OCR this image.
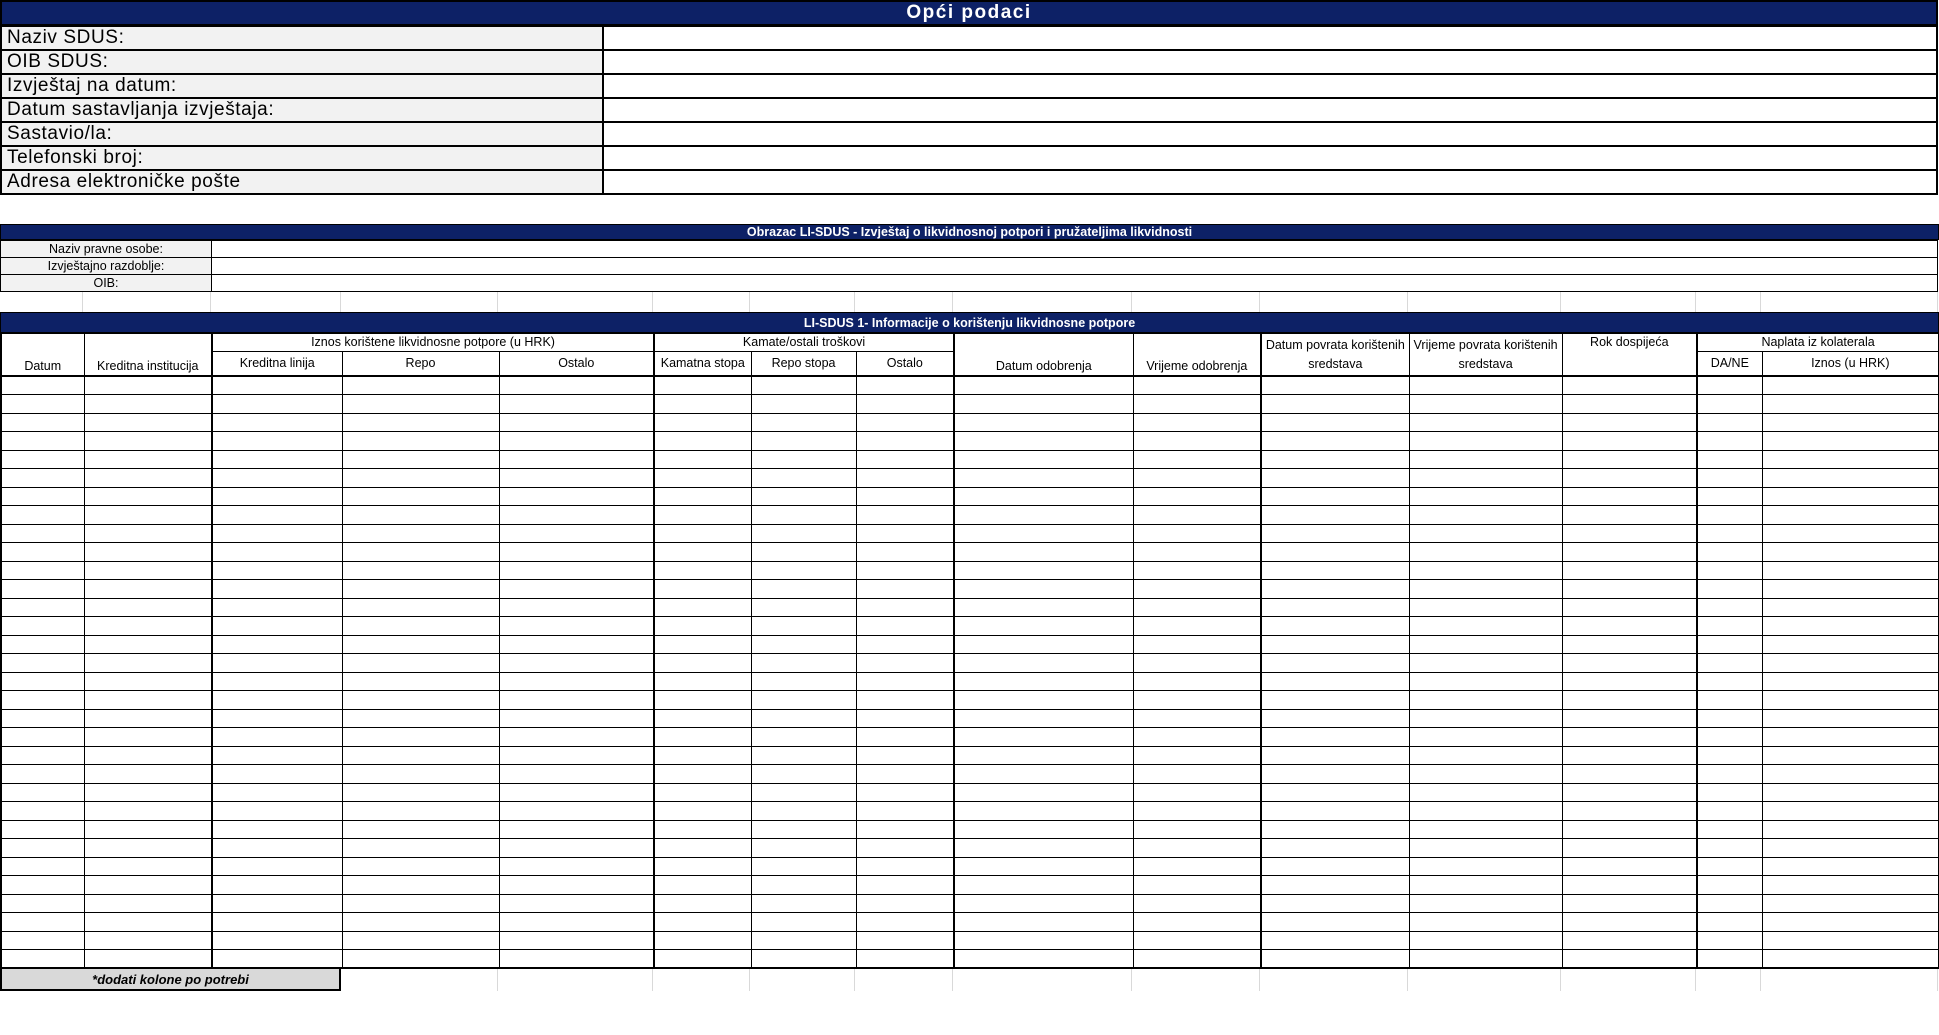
Opći podaci
Naziv SDUS:	
OIB SDUS:	
Izvještaj na datum:	
Datum sastavljanja izvještaja:	
Sastavio/la:	
Telefonski broj:	
Adresa elektroničke pošte	
Obrazac LI-SDUS - Izvještaj o likvidnosnoj potpori i pružateljima likvidnosti
Naziv pravne osobe:	
Izvještajno razdoblje:	
OIB:	
LI-SDUS 1- Informacije o korištenju likvidnosne potpore
Datum	Kreditna institucija	Iznos korištene likvidnosne potpore (u HRK)			Kamate/ostali troškovi			Datum odobrenja	Vrijeme odobrenja	Datum povrata korištenih sredstava	Vrijeme povrata korištenih sredstava	Rok dospijeća	Naplata iz kolaterala	
		Kreditna linija	Repo	Ostalo	Kamatna stopa	Repo stopa	Ostalo						DA/NE	Iznos (u HRK)

*dodati kolone po potrebi
